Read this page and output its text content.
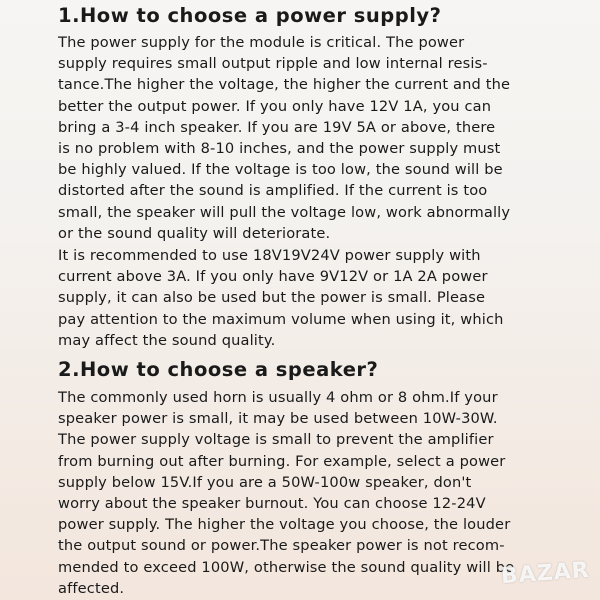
1.How to choose a power supply?

The power supply for the module is critical. The power
supply requires small output ripple and low internal resis-
tance.The higher the voltage, the higher the current and the
better the output power. If you only have 12V 1A, you can
bring a 3-4 inch speaker. If you are 19V 5A or above, there
is no problem with 8-10 inches, and the power supply must
be highly valued. If the voltage is too low, the sound will be
distorted after the sound is amplified. If the current is too
small, the speaker will pull the voltage low, work abnormally
or the sound quality will deteriorate.

It is recommended to use 18V19V24V power supply with
current above 3A. If you only have 9V12V or 1A 2A power
supply, it can also be used but the power is small. Please
pay attention to the maximum volume when using it, which
may affect the sound quality.

2.How to choose a speaker?

The commonly used horn is usually 4 ohm or 8 ohm.If your
speaker power is small, it may be used between 10W-30W.
The power supply voltage is small to prevent the amplifier
from burning out after burning. For example, select a power
supply below 15V.If you are a 50W-100w speaker, don't
worry about the speaker burnout. You can choose 12-24V
power supply. The higher the voltage you choose, the louder
the output sound or power.The speaker power is not recom-
mended to exceed 100W, otherwise the sound quality will be
affected.	BAZAR
